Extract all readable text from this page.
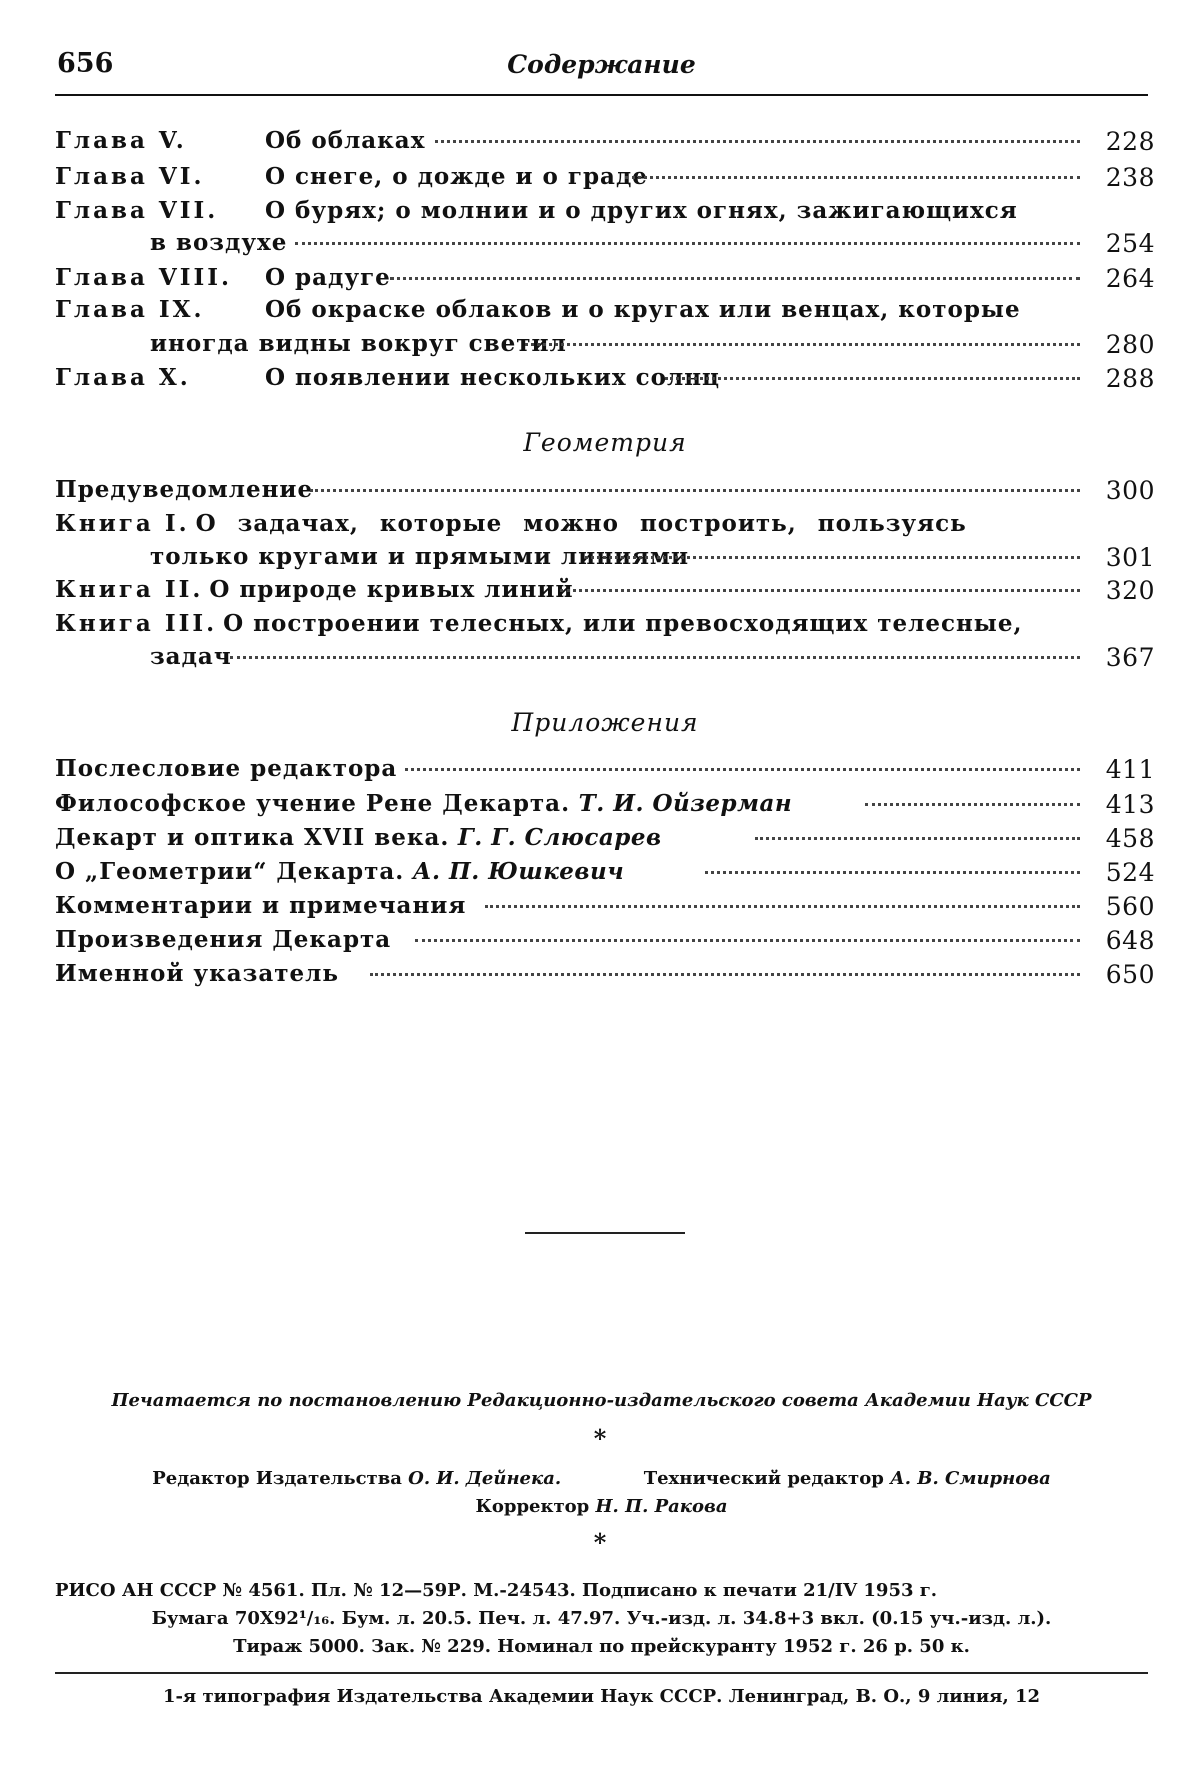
656	Содержание
Глава V.	Об облаках	228
Глава VI.	О снеге, о дожде и о граде	238
Глава VII. О бурях; о молнии и о других огнях, зажигающихся
в воздухе	254
Глава VIII. О радуге	264
Глава IX.	Об окраске облаков и о кругах или венцах, которые
иногда видны вокруг светил	280
Глава X.	О появлении нескольких солнц	288
Геометрия
Предуведомление	300
Книга I. О задачах, которые можно построить, пользуясь
только кругами и прямыми линиями	301
Книга II. О природе кривых линий	320
Книга III. О построении телесных, или превосходящих телесные,
задач	367
Приложения
Послесловие редактора	411
Философское учение Рене Декарта. Т. И. Ойзерман	413
Декарт и оптика XVII века. Г. Г. Слюсарев	458
О „Геометрии“ Декарта. А. П. Юшкевич	524
Комментарии и примечания	560
Произведения Декарта	648
Именной указатель	650
Печатается по постановлению Редакционно-издательского совета Академии Наук СССР
*
Редактор Издательства О. И. Дейнека.	Технический редактор А. В. Смирнова
Корректор Н. П. Ракова
*
РИСО АН СССР № 4561. Пл. № 12—59Р. М.-24543. Подписано к печати 21/IV 1953 г.
Бумага 70Х92¹/₁₆. Бум. л. 20.5. Печ. л. 47.97. Уч.-изд. л. 34.8+3 вкл. (0.15 уч.-изд. л.).
Тираж 5000. Зак. № 229. Номинал по прейскуранту 1952 г. 26 р. 50 к.
1-я типография Издательства Академии Наук СССР. Ленинград, В. О., 9 линия, 12
